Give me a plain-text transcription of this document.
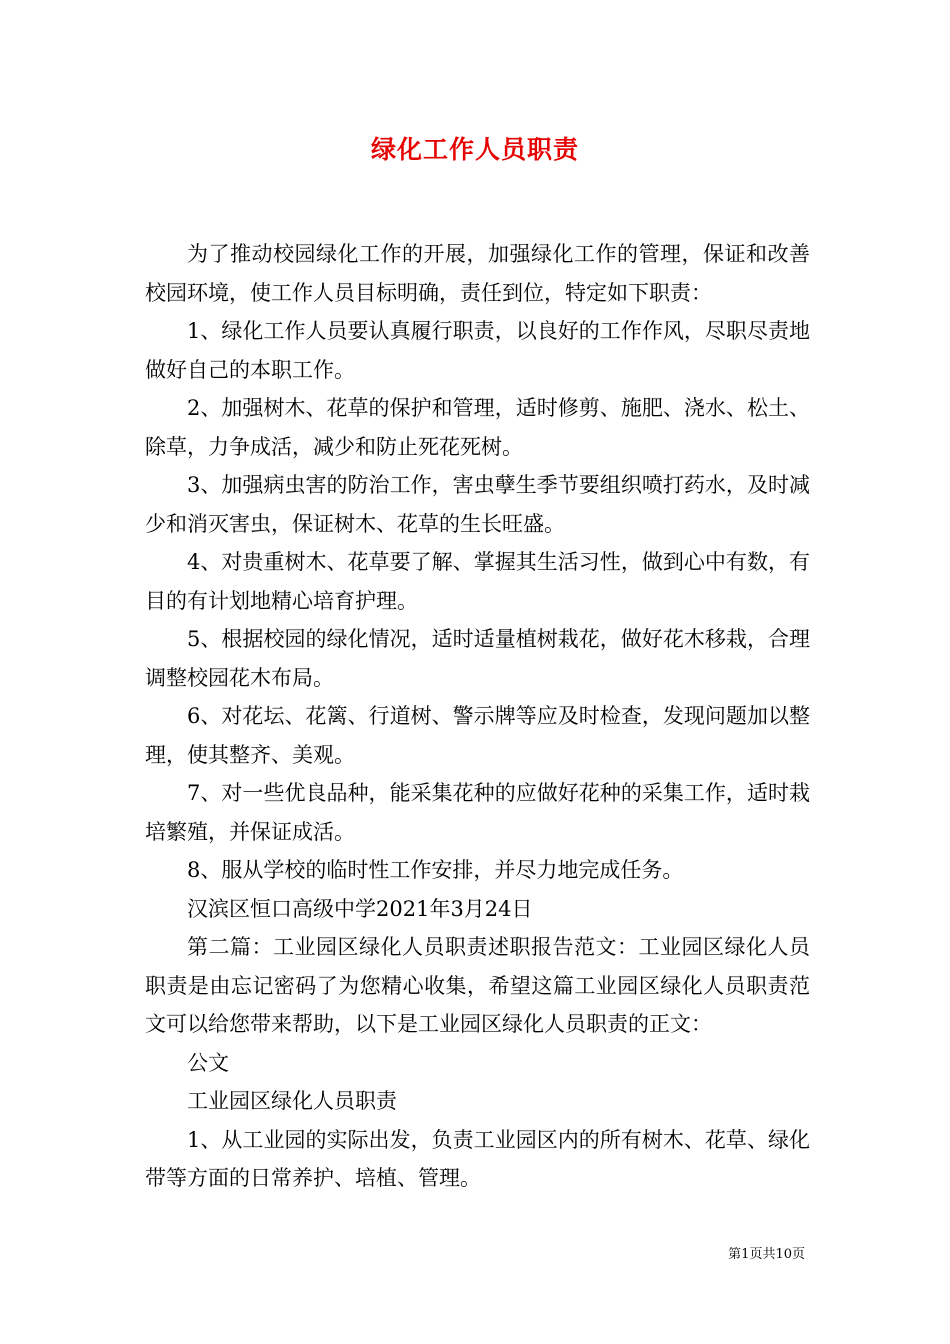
绿化工作人员职责

为了推动校园绿化工作的开展，加强绿化工作的管理，保证和改善校园环境，使工作人员目标明确，责任到位，特定如下职责：

1、绿化工作人员要认真履行职责，以良好的工作作风，尽职尽责地做好自己的本职工作。

2、加强树木、花草的保护和管理，适时修剪、施肥、浇水、松土、除草，力争成活，减少和防止死花死树。

3、加强病虫害的防治工作，害虫孽生季节要组织喷打药水，及时减少和消灭害虫，保证树木、花草的生长旺盛。

4、对贵重树木、花草要了解、掌握其生活习性，做到心中有数，有目的有计划地精心培育护理。

5、根据校园的绿化情况，适时适量植树栽花，做好花木移栽，合理调整校园花木布局。

6、对花坛、花篱、行道树、警示牌等应及时检查，发现问题加以整理，使其整齐、美观。

7、对一些优良品种，能采集花种的应做好花种的采集工作，适时栽培繁殖，并保证成活。

8、服从学校的临时性工作安排，并尽力地完成任务。

汉滨区恒口高级中学2021年3月24日

第二篇：工业园区绿化人员职责述职报告范文：工业园区绿化人员职责是由忘记密码了为您精心收集，希望这篇工业园区绿化人员职责范文可以给您带来帮助，以下是工业园区绿化人员职责的正文：

公文

工业园区绿化人员职责

1、从工业园的实际出发，负责工业园区内的所有树木、花草、绿化带等方面的日常养护、培植、管理。

第1页共10页
